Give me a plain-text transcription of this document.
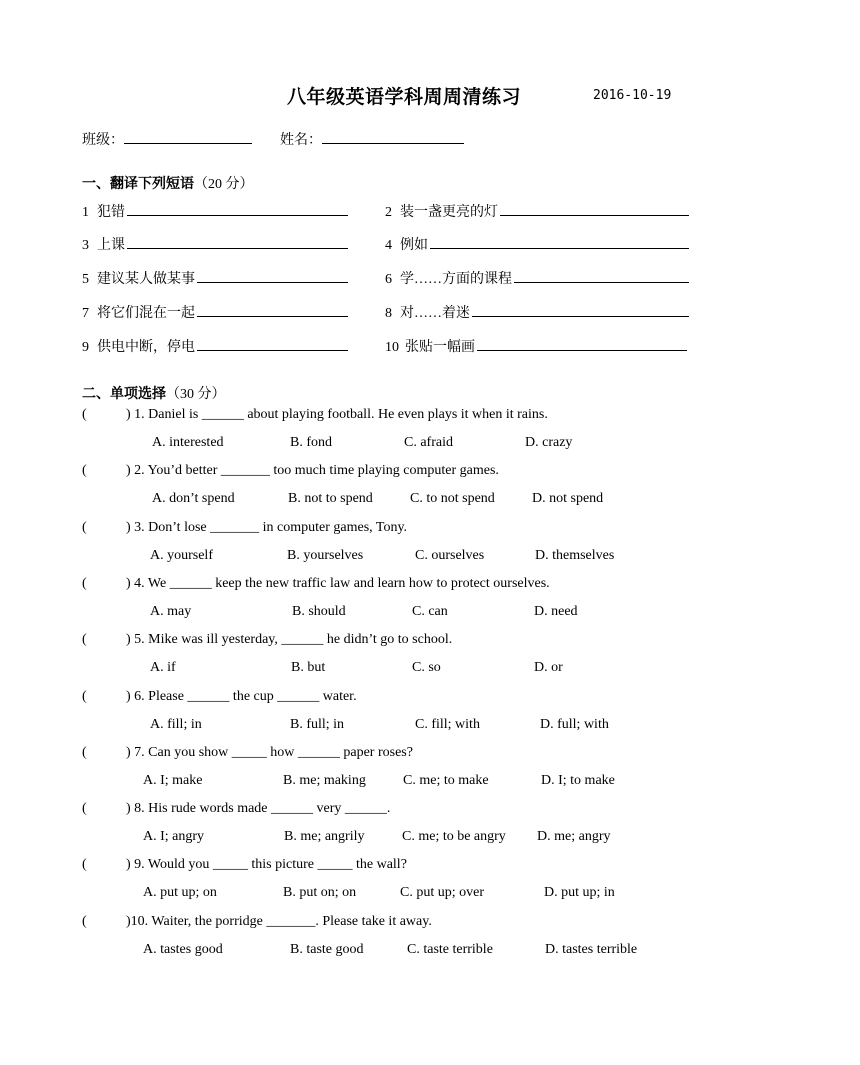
八年级英语学科周周清练习	2016-10-19
班级：	姓名：
一、翻译下列短语（20 分）
1 犯错	2 装一盏更亮的灯
3 上课	4 例如
5 建议某人做某事	6 学……方面的课程
7 将它们混在一起	8 对……着迷
9 供电中断，停电	10 张贴一幅画
二、单项选择（30 分）
(	) 1. Daniel is ______ about playing football. He even plays it when it rains.
A. interested	B. fond	C. afraid	D. crazy
(	) 2. You’d better _______ too much time playing computer games.
A. don’t spend	B. not to spend	C. to not spend	D. not spend
(	) 3. Don’t lose _______ in computer games, Tony.
A. yourself	B. yourselves	C. ourselves	D. themselves
(	) 4. We ______ keep the new traffic law and learn how to protect ourselves.
A. may	B. should	C. can	D. need
(	) 5. Mike was ill yesterday, ______ he didn’t go to school.
A. if	B. but	C. so	D. or
(	) 6. Please ______ the cup ______ water.
A. fill; in	B. full; in	C. fill; with	D. full; with
(	) 7. Can you show _____ how ______ paper roses?
A. I; make	B. me; making	C. me; to make	D. I; to make
(	) 8. His rude words made ______ very ______.
A. I; angry	B. me; angrily	C. me; to be angry D. me; angry
(	) 9. Would you _____ this picture _____ the wall?
A. put up; on	B. put on; on	C. put up; over	D. put up; in
(	)10. Waiter, the porridge _______. Please take it away.
A. tastes good	B. taste good	C. taste terrible	D. tastes terrible
